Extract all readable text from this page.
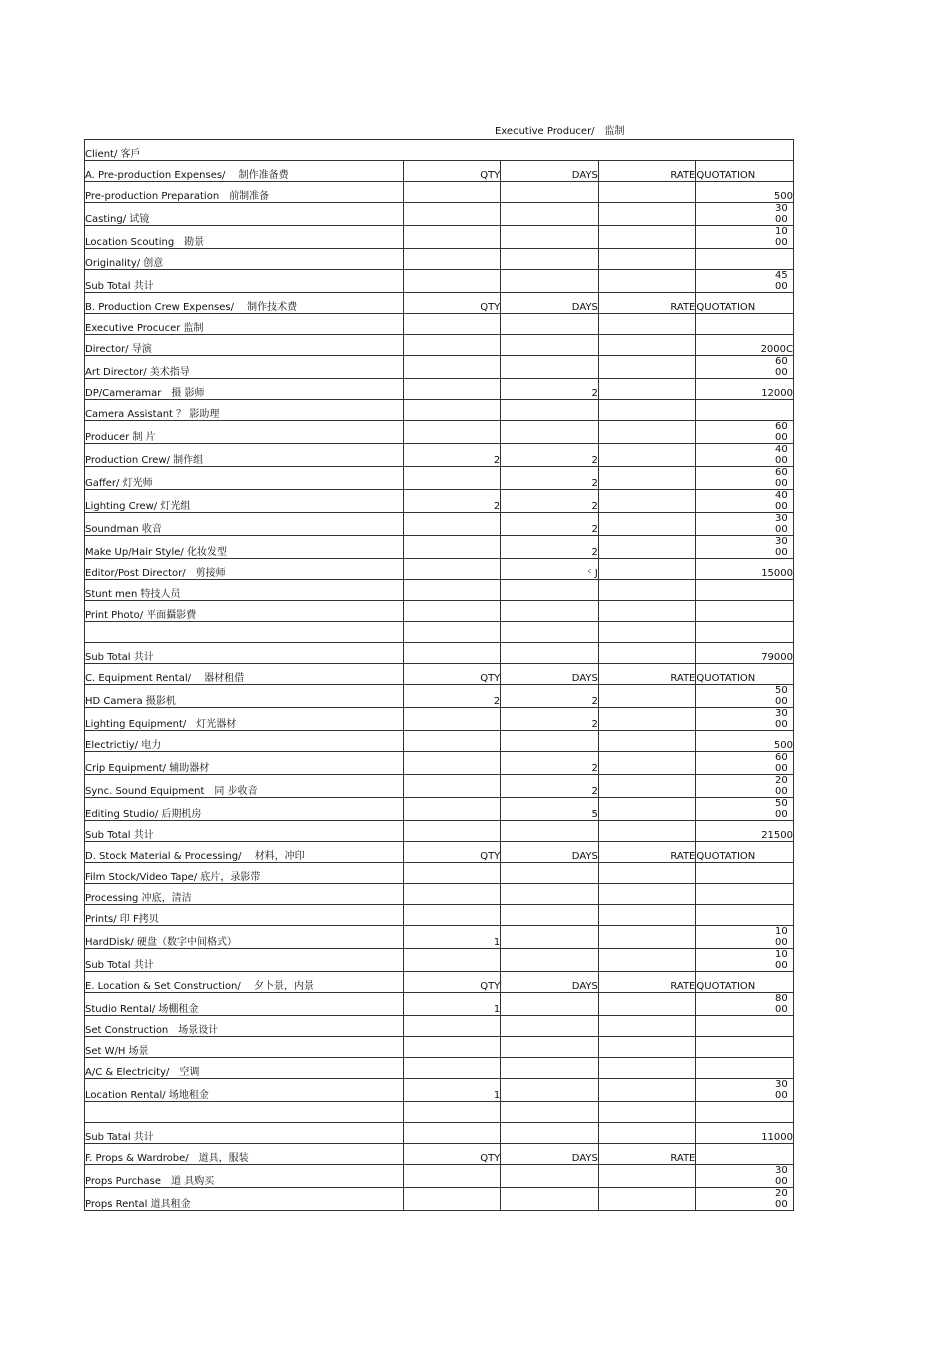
Executive Producer/　监制
Client/ 客戶				
A. Pre-production Expenses/　 制作准备费	QTY	DAYS	RATE	QUOTATION
Pre-production Preparation　前制准备				500
Casting/ 试镜				3000

Location Scouting　勘景				1000

Originality/ 创意				
Sub Total 共计				4500

B. Production Crew Expenses/　 制作技术费	QTY	DAYS	RATE	QUOTATION
Executive Procucer 监制				
Director/ 导演				2000C
Art Director/ 美术指导				6000

DP/Cameramar　摄 影师		2		12000
Camera Assistant ？ 影助理				
Producer 制 片				6000

Production Crew/ 制作组	2	2		4000

Gaffer/ 灯光师		2		6000

Lighting Crew/ 灯光组	2	2		4000

Soundman 收音		2		3000

Make Up/Hair Style/ 化妆发型		2		3000

Editor/Post Director/　剪接师		ᶜ J		15000
Stunt men 特技人员				
Print Photo/ 平面攝影費				

Sub Total 共计				79000
C. Equipment Rental/　 器材租借	QTY	DAYS	RATE	QUOTATION
HD Camera 摄影机	2	2		5000

Lighting Equipment/　灯光器材		2		3000

Electrictiy/ 电力				500
Crip Equipment/ 辅助器材		2		6000

Sync. Sound Equipment　同 步收音		2		2000

Editing Studio/ 后期机房		5		5000

Sub Total 共计				21500
D. Stock Material & Processing/　 材料，冲印	QTY	DAYS	RATE	QUOTATION
Film Stock/Video Tape/ 底片，录影带				
Processing 冲底，清洁				
Prints/ 印 F拷贝				
HardDisk/ 硬盘（数字中间格式）	1			1000

Sub Total 共计				1000

E. Location & Set Construction/　 夕卜景，内景	QTY	DAYS	RATE	QUOTATION
Studio Rental/ 场棚租金	1			8000

Set Construction　场景设计				
Set W/H 场景				
A/C & Electricity/　空调				
Location Rental/ 场地租金	1			3000

Sub Tatal 共计				11000
F. Props & Wardrobe/　道具，服装	QTY	DAYS	RATE	
Props Purchase　道 具购买				3000

Props Rental 道具租金				2000
